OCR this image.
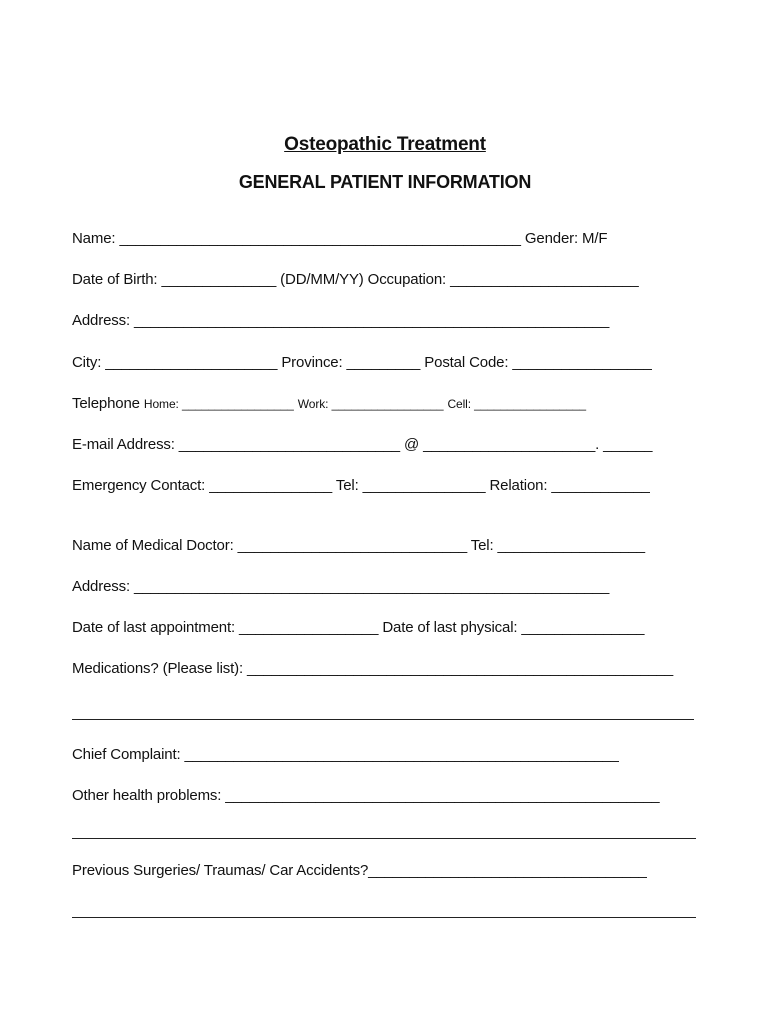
Osteopathic Treatment
GENERAL PATIENT INFORMATION
Name: _________________________________________________ Gender: M/F
Date of Birth: ______________ (DD/MM/YY) Occupation: _______________________
Address: __________________________________________________________
City: _____________________ Province: _________ Postal Code: _________________
Telephone Home: _________________ Work: _________________ Cell: _________________
E-mail Address: ___________________________ @ _____________________. ______
Emergency Contact: _______________ Tel: _______________ Relation: ____________
Name of Medical Doctor: ____________________________ Tel: __________________
Address: __________________________________________________________
Date of last appointment: _________________ Date of last physical: _______________
Medications? (Please list): ____________________________________________________
Chief Complaint: _____________________________________________________
Other health problems: _____________________________________________________
Previous Surgeries/ Traumas/ Car Accidents?__________________________________
